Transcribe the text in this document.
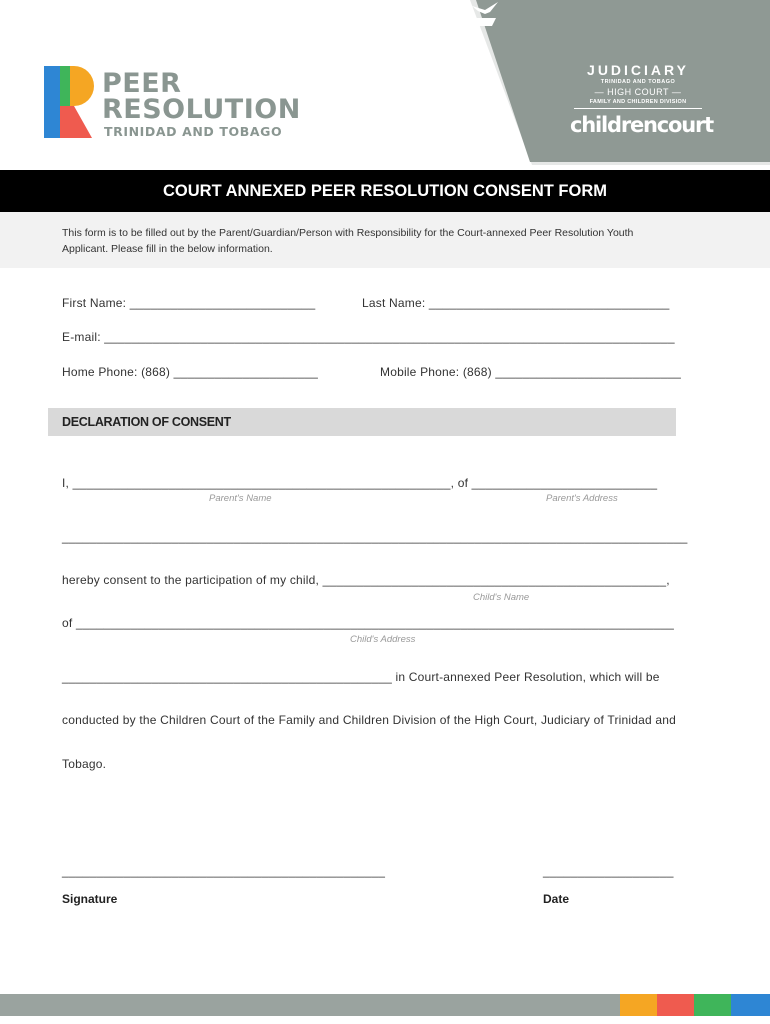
PEER
RESOLUTION
TRINIDAD AND TOBAGO
JUDICIARY
TRINIDAD AND TOBAGO
— HIGH COURT —
FAMILY AND CHILDREN DIVISION
childrencourt
COURT ANNEXED PEER RESOLUTION CONSENT FORM
This form is to be filled out by the Parent/Guardian/Person with Responsibility for the Court-annexed Peer Resolution Youth
Applicant. Please fill in the below information.
First Name: ___________________________	Last Name: ___________________________________
E-mail: ___________________________________________________________________________________
Home Phone: (868) _____________________	Mobile Phone: (868) ___________________________
DECLARATION OF CONSENT
I, _______________________________________________________, of ___________________________
Parent's Name	Parent's Address
___________________________________________________________________________________________
hereby consent to the participation of my child, __________________________________________________,
Child's Name
of _______________________________________________________________________________________
Child's Address
________________________________________________ in Court-annexed Peer Resolution, which will be
conducted by the Children Court of the Family and Children Division of the High Court, Judiciary of Trinidad and
Tobago.
_______________________________________________	___________________
Signature	Date
